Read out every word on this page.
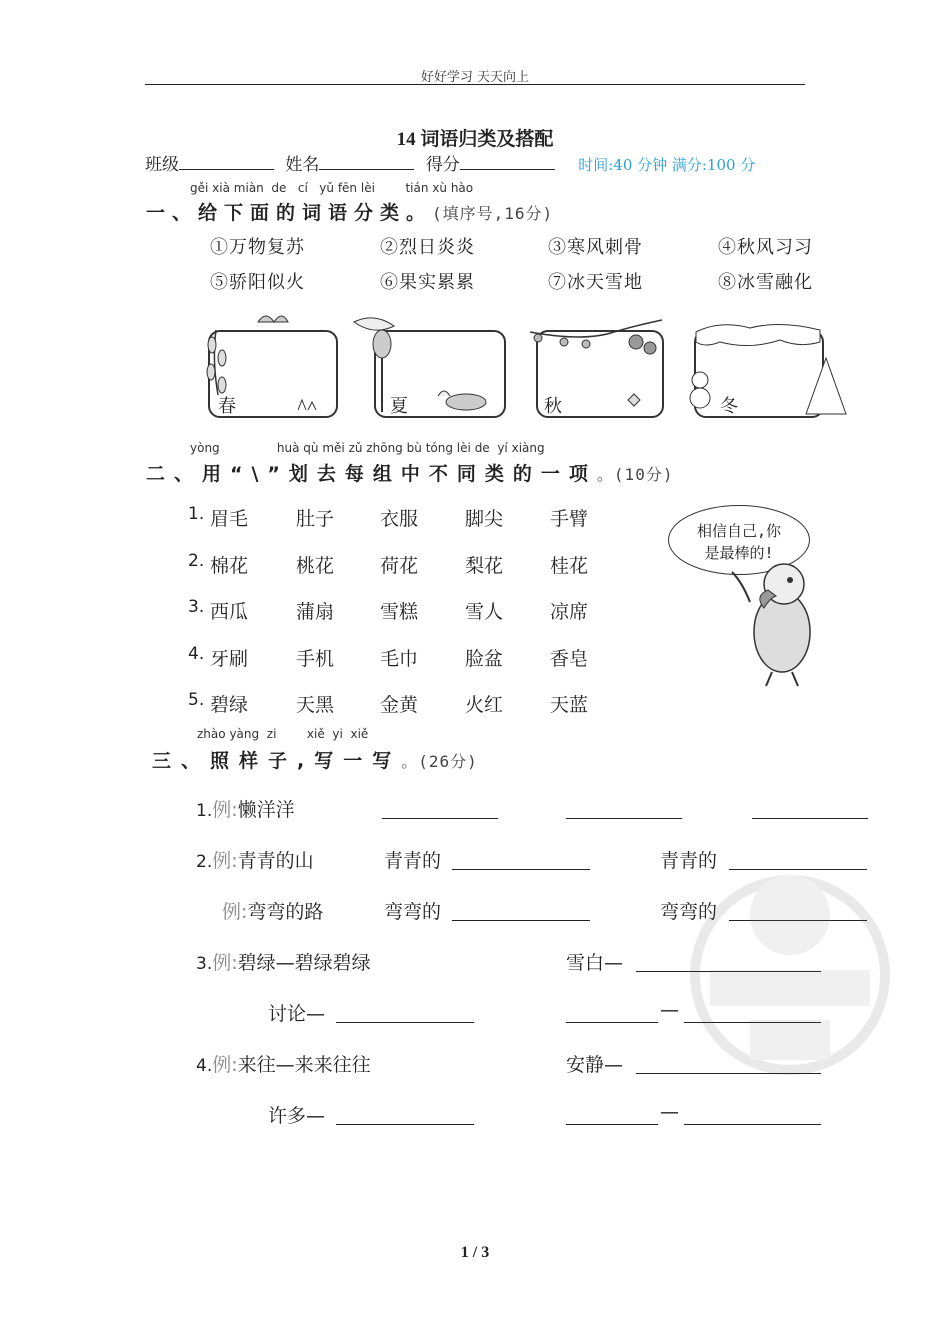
好好学习 天天向上
14 词语归类及搭配
班级	姓名	得分	时间:40 分钟 满分:100 分
gěi xià miàn de cí yǔ fēn lèi	tián xù hào
一、给下面的词语分类。(填序号,16分)
①万物复苏	②烈日炎炎	③寒风刺骨	④秋风习习
⑤骄阳似火	⑥果实累累	⑦冰天雪地	⑧冰雪融化
春	夏	秋	冬
yòng	huà qù měi zǔ zhōng bù tóng lèi de yí xiàng
二、用“\”划去每组中不同类的一项。(10分)
1. 眉毛	肚子 衣服 脚尖 手臂
2. 棉花	桃花 荷花 梨花 桂花
3. 西瓜	蒲扇 雪糕 雪人 凉席
4. 牙刷	手机 毛巾 脸盆 香皂
5. 碧绿	天黑 金黄 火红 天蓝
相信自己,你
是最棒的!
zhào yàng zi	xiě yi xiě
三、照样子,写一写。(26分)
1.例:懒洋洋
2.例:青青的山	青青的	青青的
例:弯弯的路	弯弯的	弯弯的
3.例:碧绿—碧绿碧绿	雪白—
讨论—	—
4.例:来往—来来往往	安静—
许多—	—
1 / 3
